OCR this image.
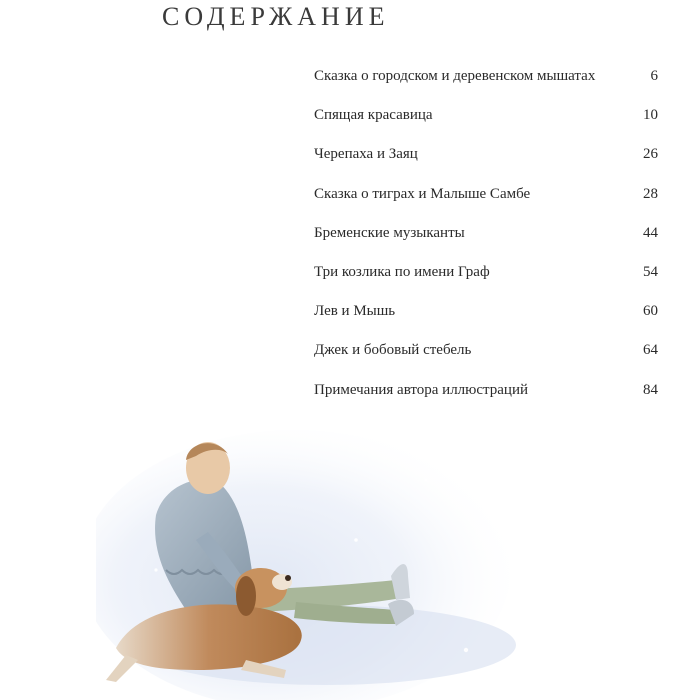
СОДЕРЖАНИЕ
Сказка о городском и деревенском мышатах	6
Спящая красавица	10
Черепаха и Заяц	26
Сказка о тиграх и Малыше Самбе	28
Бременские музыканты	44
Три козлика по имени Граф	54
Лев и Мышь	60
Джек и бобовый стебель	64
Примечания автора иллюстраций	84
